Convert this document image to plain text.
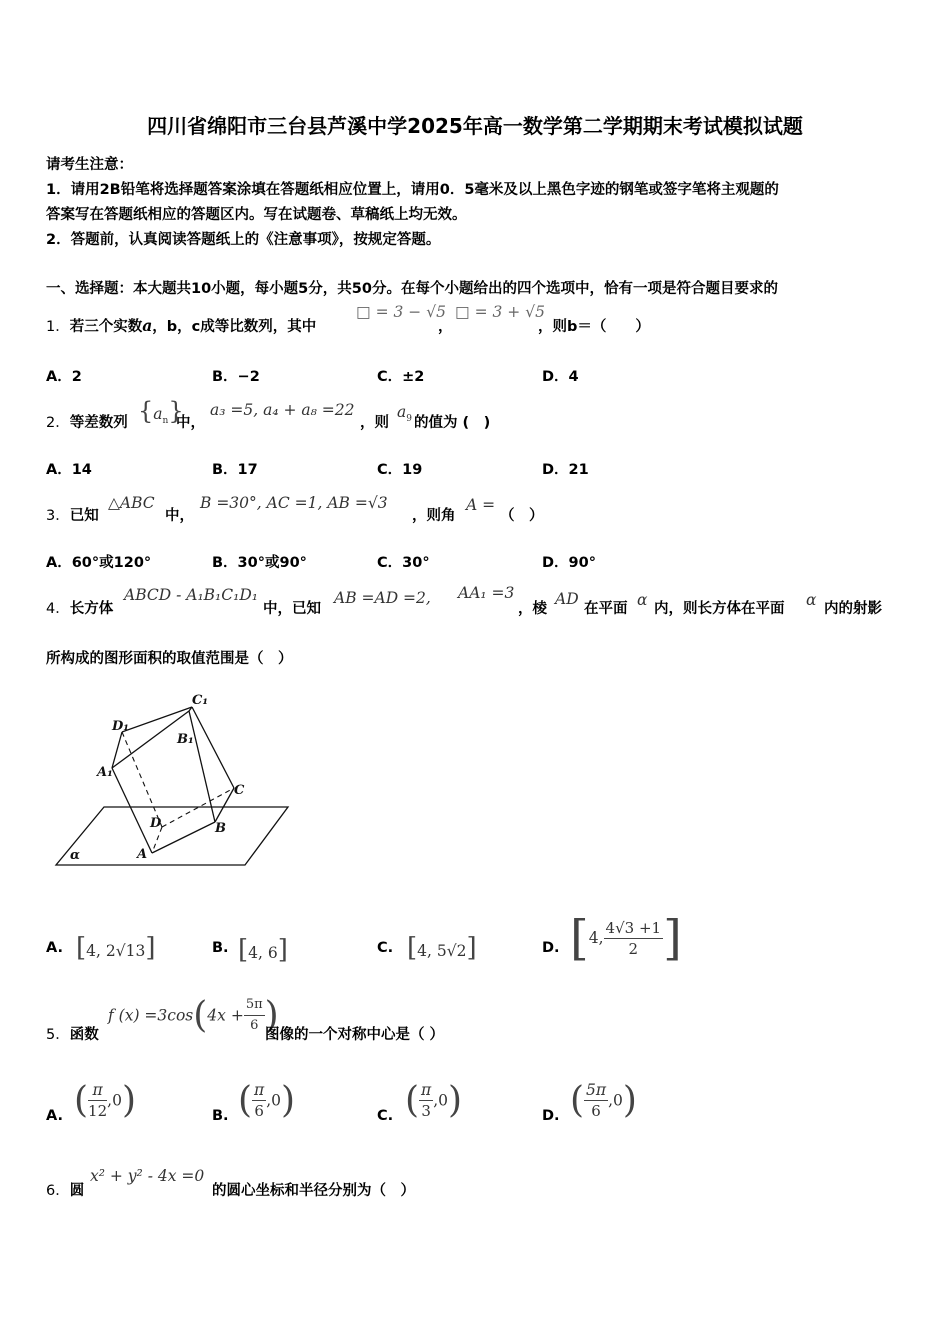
四川省绵阳市三台县芦溪中学2025年高一数学第二学期期末考试模拟试题
请考生注意：
1．请用2B铅笔将选择题答案涂填在答题纸相应位置上，请用0．5毫米及以上黑色字迹的钢笔或签字笔将主观题的
答案写在答题纸相应的答题区内。写在试题卷、草稿纸上均无效。
2．答题前，认真阅读答题纸上的《注意事项》，按规定答题。
一、选择题：本大题共10小题，每小题5分，共50分。在每个小题给出的四个选项中，恰有一项是符合题目要求的
1．若三个实数a，b，c成等比数列，其中
□ = 3 − √5
，
□ = 3 + √5
，则b＝（　　）
A．2	B．−2	C．±2	D．4
2．等差数列 $\{a_n\}$
中，
a₃ =5, a₄ + a₈ =22
，则
$a_9$ 的值为 (　)
A．14	B．17	C．19	D．21
3．已知
△ABC
中，
B =30°, AC =1, AB =√3
，则角
A =
（　）
A．60°或120°	B．30°或90°	C．30°	D．90°
4．长方体
ABCD - A₁B₁C₁D₁
中，已知
AB =AD =2, AA₁ =3
，棱
AD
在平面 α 内，则长方体在平面 α 内的射影
所构成的图形面积的取值范围是（　）
C₁
D₁
B₁
A₁
C
D	B
A
α
A. [4, 2√13]	B. [4, 6]	C. [4, 5√2]	D. [4, $\frac{4√3 +1}{2}$ ]
5．函数
f $(x) =3\cos(4x + \frac{5\pi}{6}$ )
图像的一个对称中心是（ ）
A. ( $\frac{\pi}{12} ,0$)	B. ( $\frac{\pi}{6} ,0$)	C. ( $\frac{\pi}{3} ,0$)	D. ( $\frac{5\pi}{6} ,0$)
6．圆
x² + y² - 4x =0
的圆心坐标和半径分别为（　）
